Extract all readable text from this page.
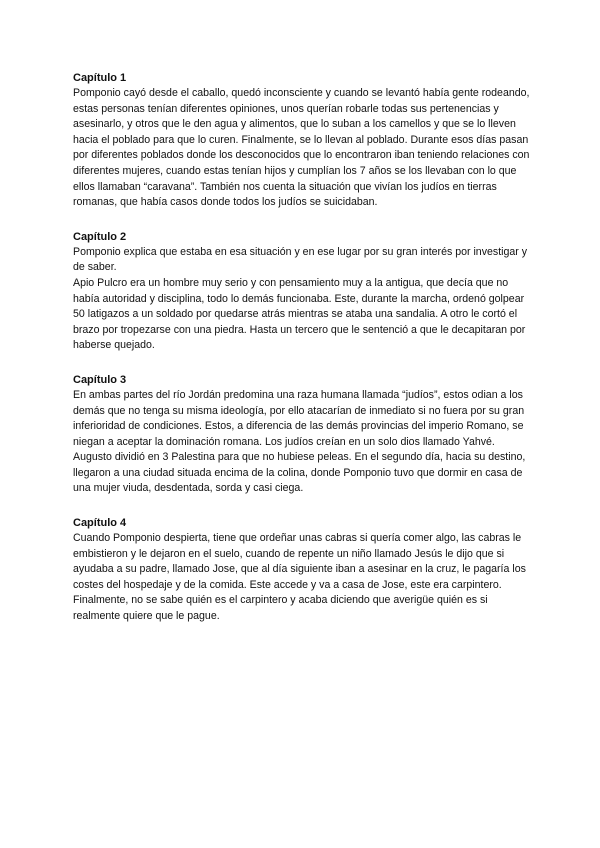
Capítulo 1

Pomponio cayó desde el caballo, quedó inconsciente y cuando se levantó había gente rodeando, estas personas tenían diferentes opiniones, unos querían robarle todas sus pertenencias y asesinarlo, y otros que le den agua y alimentos, que lo suban a los camellos y que se lo lleven hacia el poblado para que lo curen. Finalmente, se lo llevan al poblado. Durante esos días pasan por diferentes poblados donde los desconocidos que lo encontraron iban teniendo relaciones con diferentes mujeres, cuando estas tenían hijos y cumplían los 7 años se los llevaban con lo que ellos llamaban “caravana”. También nos cuenta la situación que vivían los judíos en tierras romanas, que había casos donde todos los judíos se suicidaban.

Capítulo 2

Pomponio explica que estaba en esa situación y en ese lugar por su gran interés por investigar y de saber.

Apio Pulcro era un hombre muy serio y con pensamiento muy a la antigua, que decía que no había autoridad y disciplina, todo lo demás funcionaba. Este, durante la marcha, ordenó golpear 50 latigazos a un soldado por quedarse atrás mientras se ataba una sandalia. A otro le cortó el brazo por tropezarse con una piedra. Hasta un tercero que le sentenció a que le decapitaran por haberse quejado.

Capítulo 3

En ambas partes del río Jordán predomina una raza humana llamada “judíos”, estos odian a los demás que no tenga su misma ideología, por ello atacarían de inmediato si no fuera por su gran inferioridad de condiciones. Estos, a diferencia de las demás provincias del imperio Romano, se niegan a aceptar la dominación romana. Los judíos creían en un solo dios llamado Yahvé. Augusto dividió en 3 Palestina para que no hubiese peleas. En el segundo día, hacia su destino, llegaron a una ciudad situada encima de la colina, donde Pomponio tuvo que dormir en casa de una mujer viuda, desdentada, sorda y casi ciega.

Capítulo 4

Cuando Pomponio despierta, tiene que ordeñar unas cabras si quería comer algo, las cabras le embistieron y le dejaron en el suelo, cuando de repente un niño llamado Jesús le dijo que si ayudaba a su padre, llamado Jose, que al día siguiente iban a asesinar en la cruz, le pagaría los costes del hospedaje y de la comida. Este accede y va a casa de Jose, este era carpintero. Finalmente, no se sabe quién es el carpintero y acaba diciendo que averigüe quién es si realmente quiere que le pague.
